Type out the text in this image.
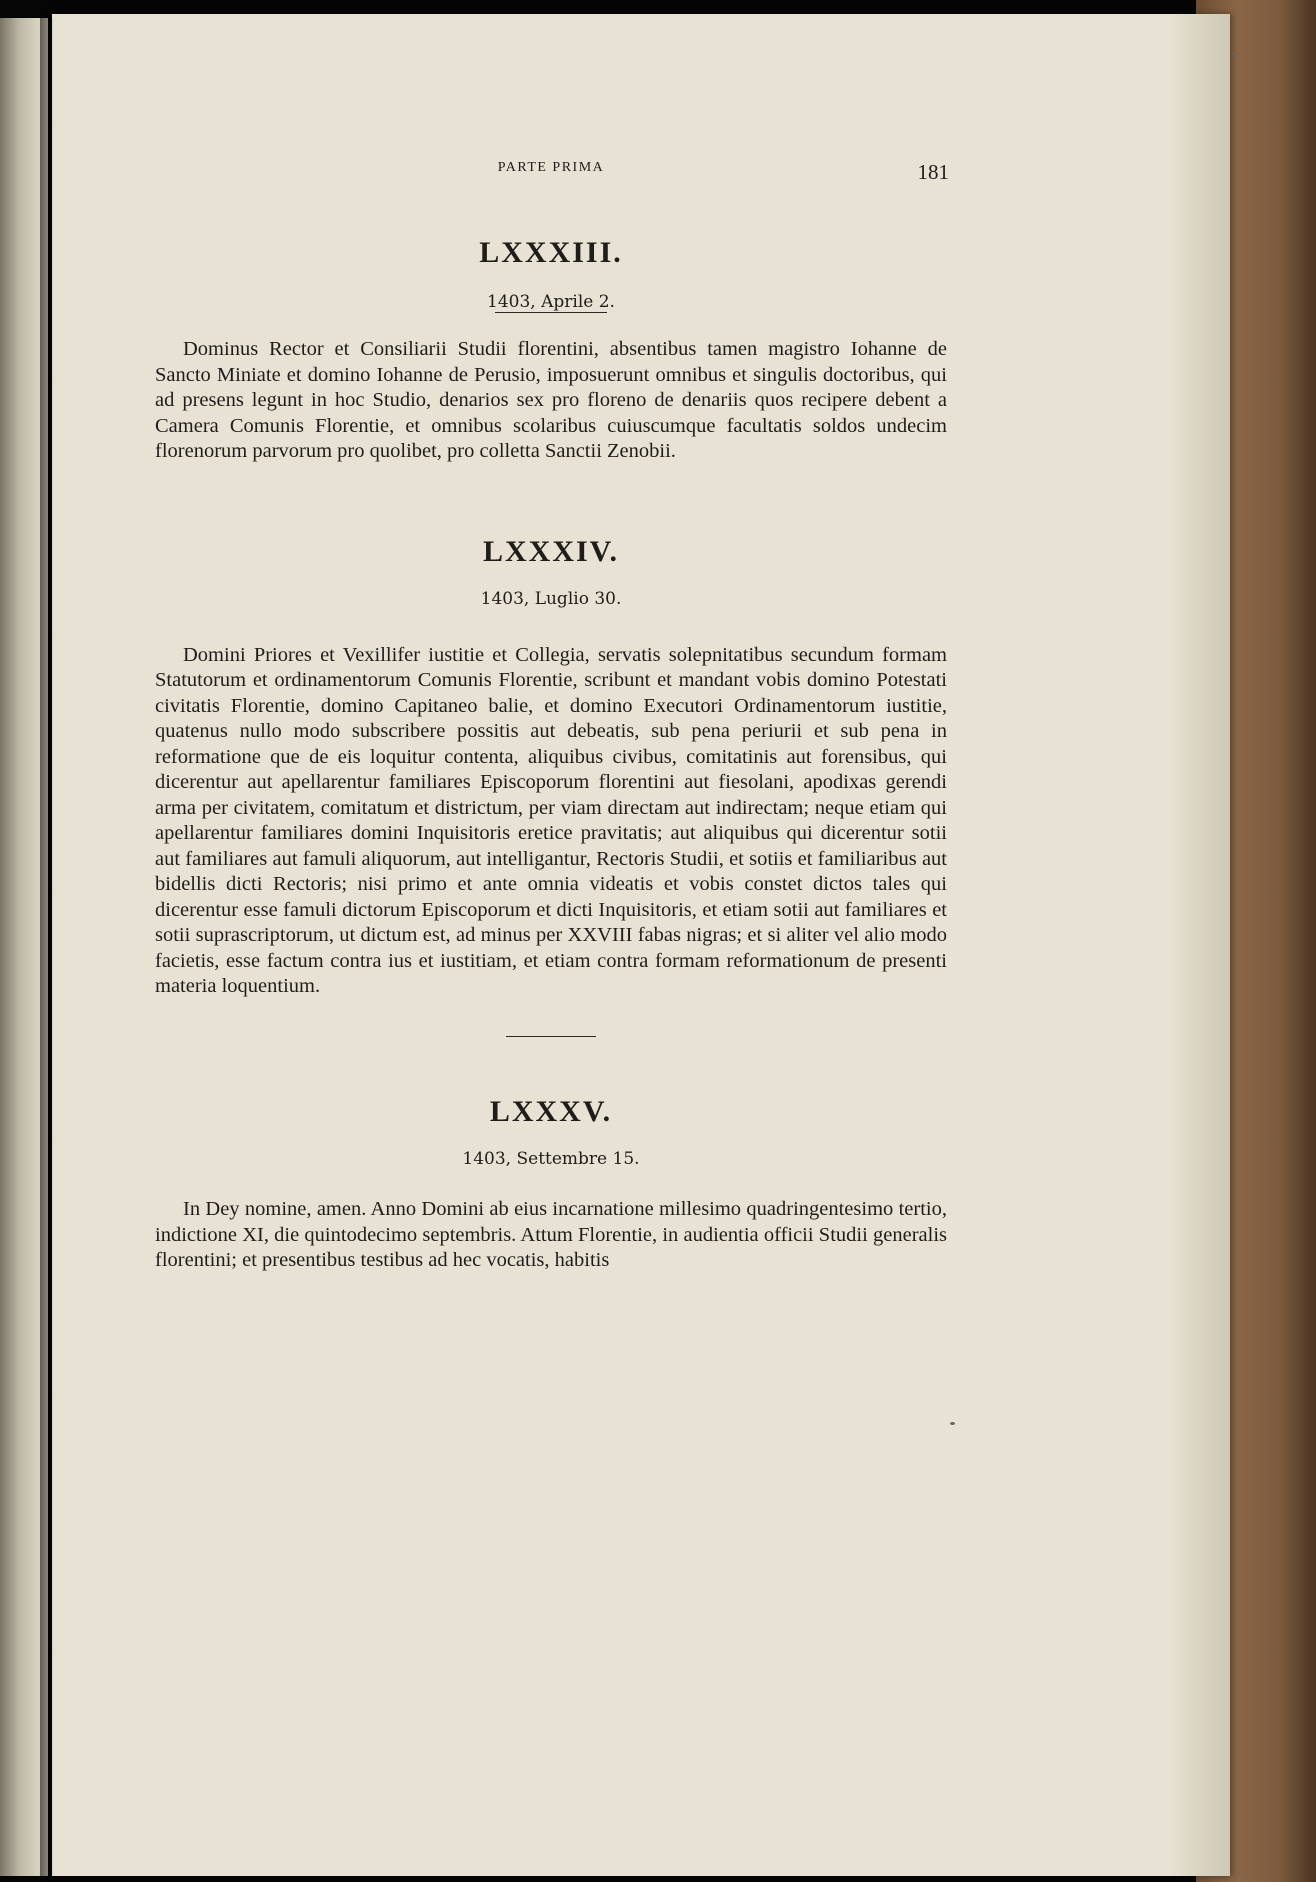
PARTE PRIMA	181
LXXXIII.

1403, Aprile 2.

Dominus Rector et Consiliarii Studii florentini, absentibus tamen magistro Iohanne de Sancto Miniate et domino Iohanne de Perusio, imposuerunt omnibus et singulis doctoribus, qui ad presens legunt in hoc Studio, denarios sex pro floreno de denariis quos recipere debent a Camera Comunis Florentie, et omnibus scolaribus cuiuscumque facultatis soldos undecim florenorum parvorum pro quolibet, pro colletta Sanctii Zenobii.

LXXXIV.

1403, Luglio 30.

Domini Priores et Vexillifer iustitie et Collegia, servatis solepnitatibus secundum formam Statutorum et ordinamentorum Comunis Florentie, scribunt et mandant vobis domino Potestati civitatis Florentie, domino Capitaneo balie, et domino Executori Ordinamentorum iustitie, quatenus nullo modo subscribere possitis aut debeatis, sub pena periurii et sub pena in reformatione que de eis loquitur contenta, aliquibus civibus, comitatinis aut forensibus, qui dicerentur aut apellarentur familiares Episcoporum florentini aut fiesolani, apodixas gerendi arma per civitatem, comitatum et districtum, per viam directam aut indirectam; neque etiam qui apellarentur familiares domini Inquisitoris eretice pravitatis; aut aliquibus qui dicerentur sotii aut familiares aut famuli aliquorum, aut intelligantur, Rectoris Studii, et sotiis et familiaribus aut bidellis dicti Rectoris; nisi primo et ante omnia videatis et vobis constet dictos tales qui dicerentur esse famuli dictorum Episcoporum et dicti Inquisitoris, et etiam sotii aut familiares et sotii suprascriptorum, ut dictum est, ad minus per XXVIII fabas nigras; et si aliter vel alio modo facietis, esse factum contra ius et iustitiam, et etiam contra formam reformationum de presenti materia loquentium.

LXXXV.

1403, Settembre 15.

In Dey nomine, amen. Anno Domini ab eius incarnatione millesimo quadringentesimo tertio, indictione XI, die quintodecimo septembris. Attum Florentie, in audientia officii Studii generalis florentini; et presentibus testibus ad hec vocatis, habitis
